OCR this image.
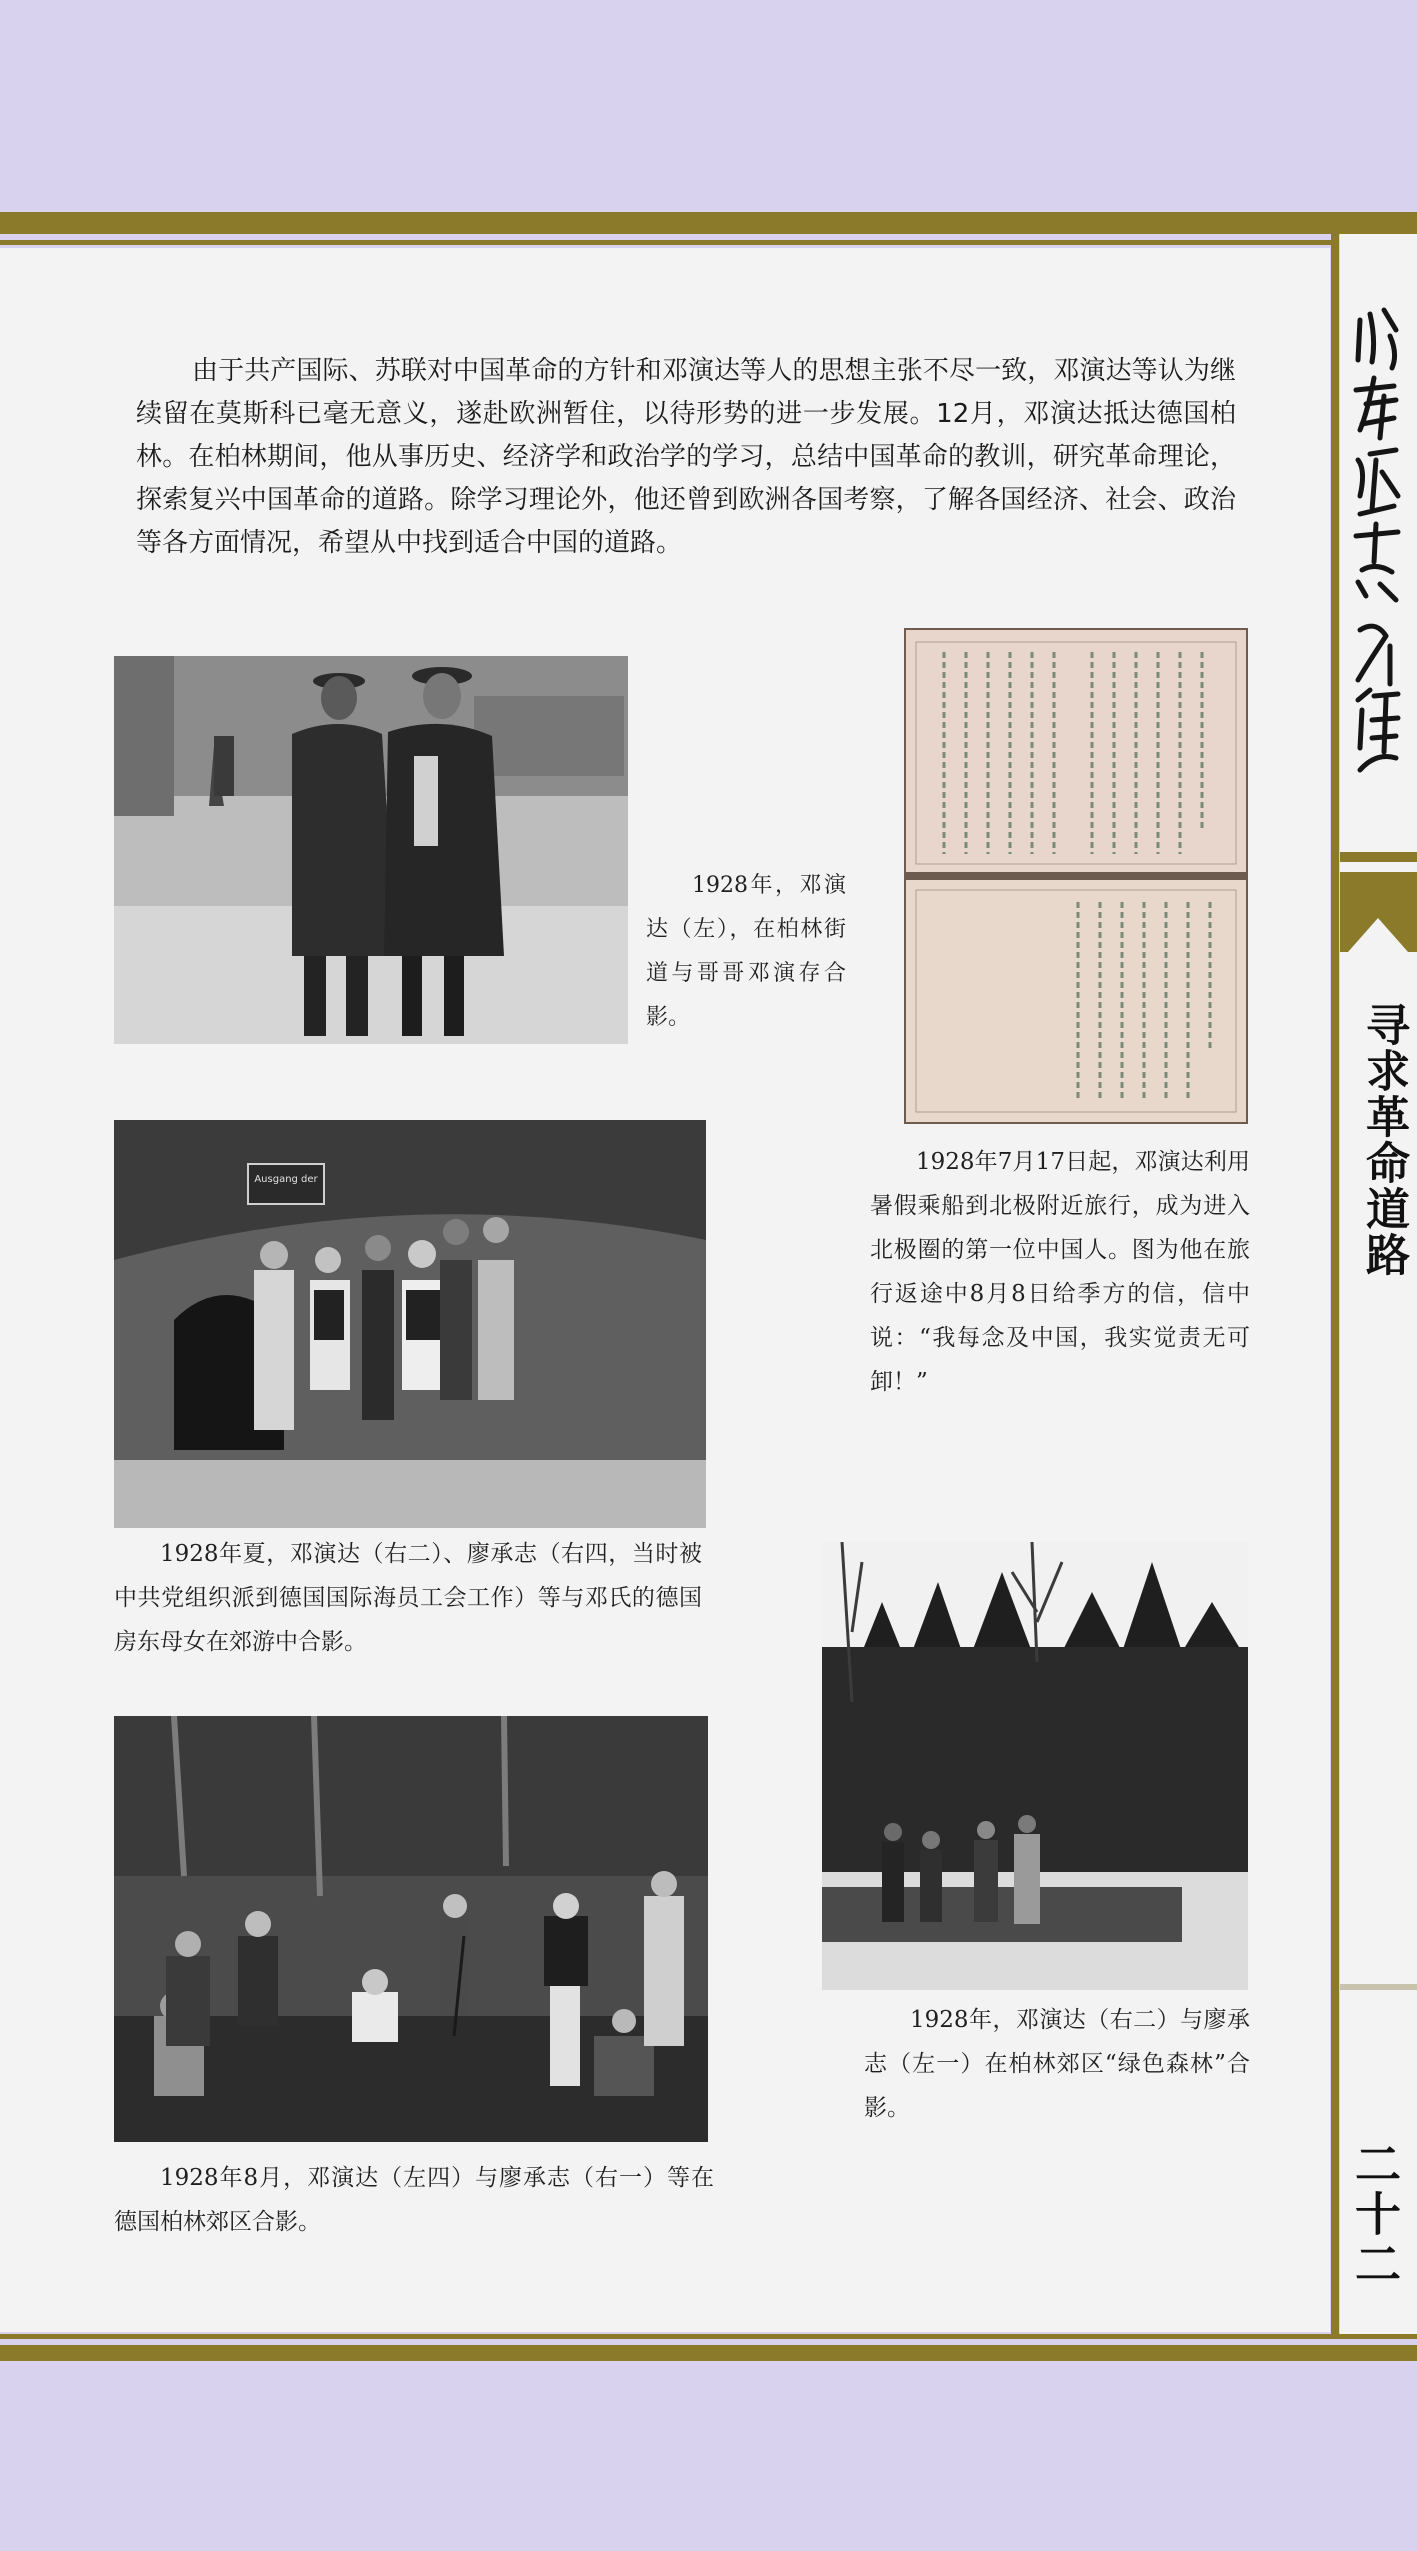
寻求革命道路
二十二

由于共产国际、苏联对中国革命的方针和邓演达等人的思想主张不尽一致，邓演达等认为继续留在莫斯科已毫无意义，遂赴欧洲暂住，以待形势的进一步发展。12月，邓演达抵达德国柏林。在柏林期间，他从事历史、经济学和政治学的学习，总结中国革命的教训，研究革命理论，探索复兴中国革命的道路。除学习理论外，他还曾到欧洲各国考察，了解各国经济、社会、政治等各方面情况，希望从中找到适合中国的道路。

1928年，邓演达（左），在柏林街道与哥哥邓演存合影。

1928年7月17日起，邓演达利用暑假乘船到北极附近旅行，成为进入北极圈的第一位中国人。图为他在旅行返途中8月8日给季方的信，信中说：“我每念及中国，我实觉责无可卸！”

Ausgang der

1928年夏，邓演达（右二）、廖承志（右四，当时被中共党组织派到德国国际海员工会工作）等与邓氏的德国房东母女在郊游中合影。

1928年，邓演达（右二）与廖承志（左一）在柏林郊区“绿色森林”合影。

1928年8月，邓演达（左四）与廖承志（右一）等在德国柏林郊区合影。
